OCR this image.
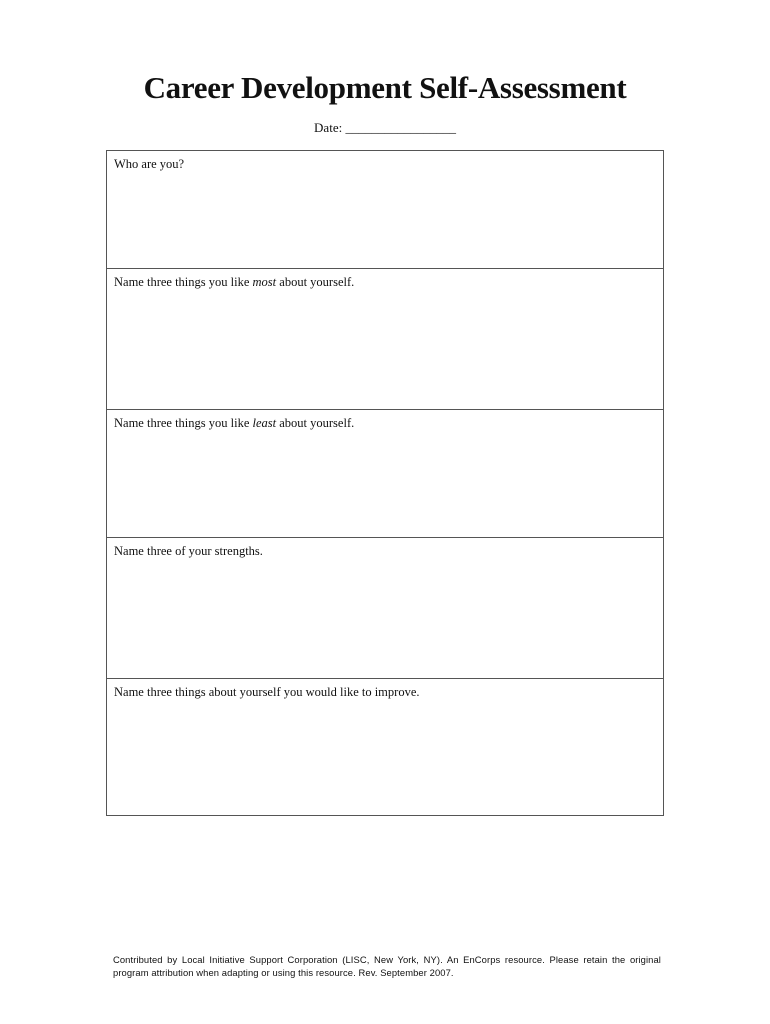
Career Development Self-Assessment
Date: _________________
Who are you?
Name three things you like most about yourself.
Name three things you like least about yourself.
Name three of your strengths.
Name three things about yourself you would like to improve.
Contributed by Local Initiative Support Corporation (LISC, New York, NY). An EnCorps resource. Please retain the original program attribution when adapting or using this resource. Rev. September 2007.
